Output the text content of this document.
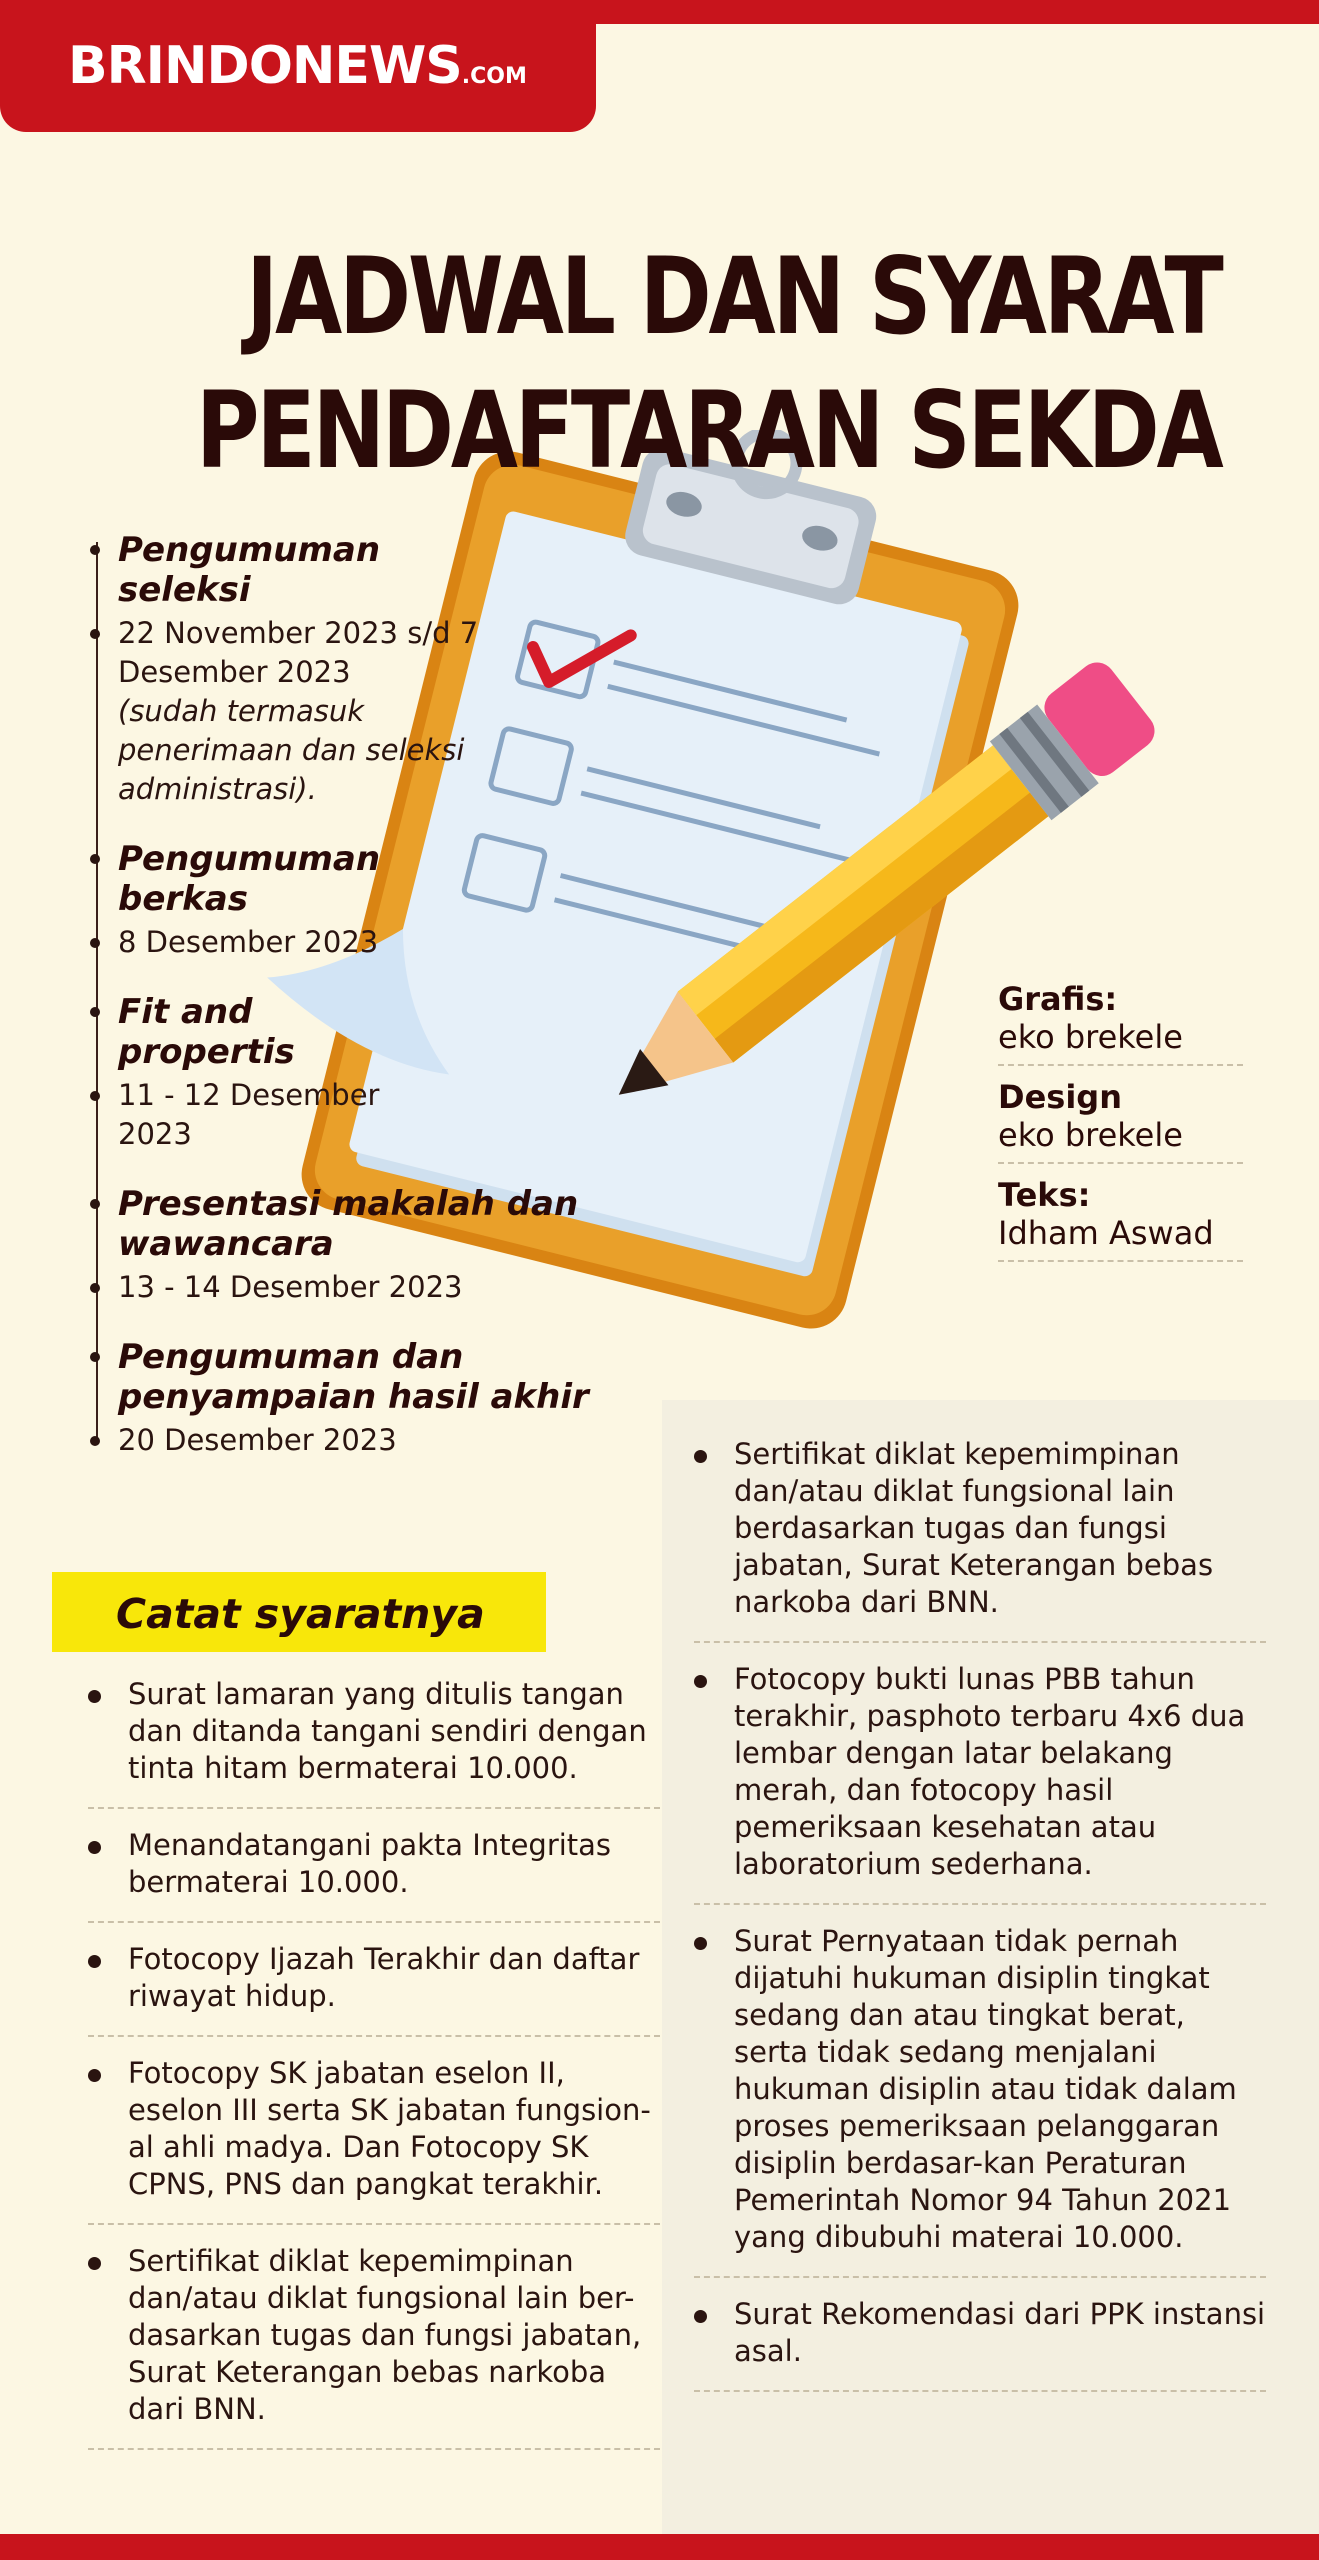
BRINDONEWS.COM
JADWAL DAN SYARAT
PENDAFTARAN SEKDA
Pengumuman seleksi
22 November 2023 s/d 7 Desember 2023
(sudah termasuk penerimaan dan seleksi administrasi).
Pengumuman berkas
8 Desember 2023
Fit and propertis
11 - 12 Desember 2023
Presentasi makalah dan wawancara
13 - 14 Desember 2023
Pengumuman dan penyampaian hasil akhir
20 Desember 2023
Grafis:
eko brekele
Design
eko brekele
Teks:
Idham Aswad
Catat syaratnya
Surat lamaran yang ditulis tangan dan ditanda tangani sendiri dengan tinta hitam bermaterai 10.000.
Menandatangani pakta Integritas bermaterai 10.000.
Fotocopy Ijazah Terakhir dan daftar riwayat hidup.
Fotocopy SK jabatan eselon II, eselon III serta SK jabatan fungsion-al ahli madya. Dan Fotocopy SK CPNS, PNS dan pangkat terakhir.
Sertifikat diklat kepemimpinan dan/atau diklat fungsional lain ber-dasarkan tugas dan fungsi jabatan, Surat Keterangan bebas narkoba dari BNN.
Sertifikat diklat kepemimpinan dan/atau diklat fungsional lain berdasarkan tugas dan fungsi jabatan, Surat Keterangan bebas narkoba dari BNN.
Fotocopy bukti lunas PBB tahun terakhir, pasphoto terbaru 4x6 dua lembar dengan latar belakang merah, dan fotocopy hasil pemeriksaan kesehatan atau laboratorium sederhana.
Surat Pernyataan tidak pernah dijatuhi hukuman disiplin tingkat sedang dan atau tingkat berat, serta tidak sedang menjalani hukuman disiplin atau tidak dalam proses pemeriksaan pelanggaran disiplin berdasar-kan Peraturan Pemerintah Nomor 94 Tahun 2021 yang dibubuhi materai 10.000.
Surat Rekomendasi dari PPK instansi asal.
